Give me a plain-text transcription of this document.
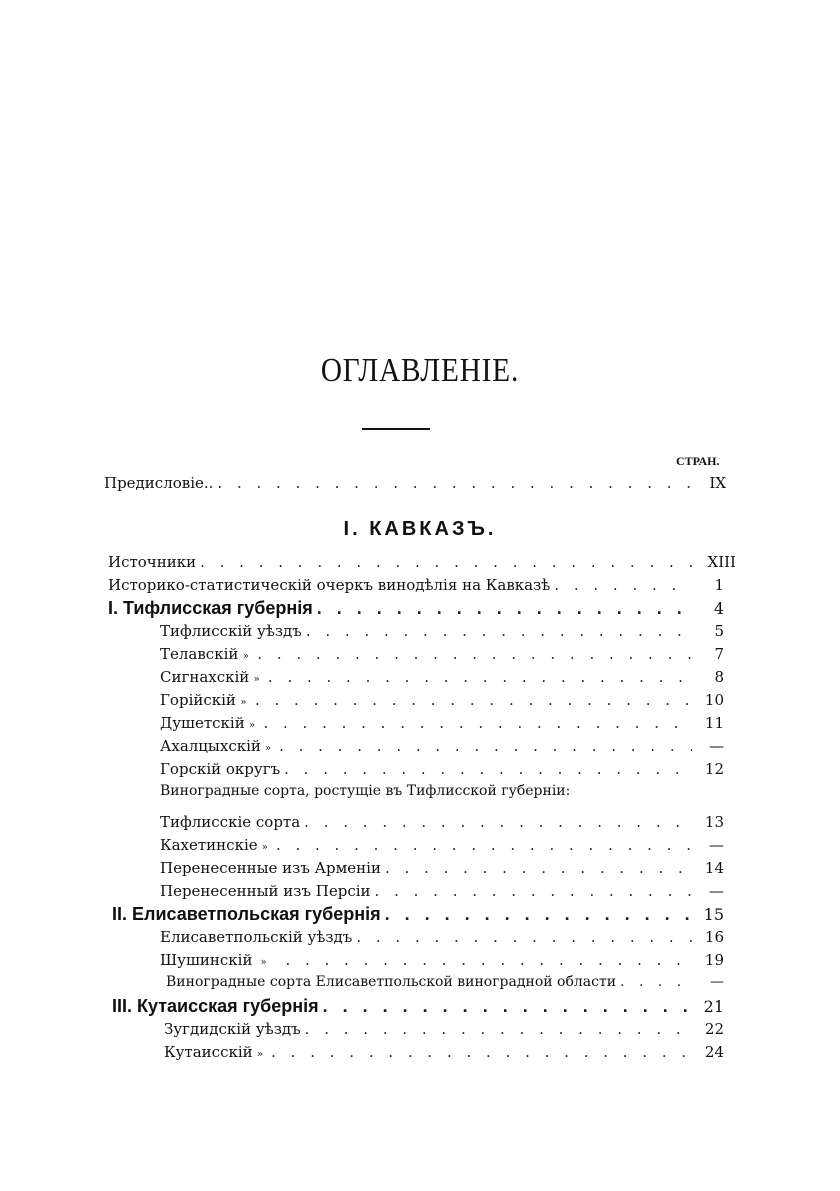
ОГЛАВЛЕНІЕ.
СТРАН.
Предисловіе.. . . .	IX
I. КАВКАЗЪ.
Источники . . .	XIII
Историко-статистическій очеркъ винодѣлія на Кавказѣ . . .	1
I. Тифлисская губернія . . .	4
Тифлисскій уѣздъ . . .	5
Телавскій » . . .	7
Сигнахскій » . . .	8
Горійскій » . . .	10
Душетскій » . . .	11
Ахалцыхскій » . . .	—
Горскій округъ . . .	12
Виноградные сорта, ростущіе въ Тифлисской губерніи:
Тифлисскіе сорта . . .	13
Кахетинскіе » . . .	—
Перенесенные изъ Арменіи . . .	14
Перенесенный изъ Персіи . . .	—
II. Елисаветпольская губернія . . .	15
Елисаветпольскій уѣздъ . . .	16
Шушинскій » . . .	19
Виноградные сорта Елисаветпольской виноградной области . . .	—
III. Кутаисская губернія . . .	21
Зугдидскій уѣздъ . . .	22
Кутаисскій » . . .	24
